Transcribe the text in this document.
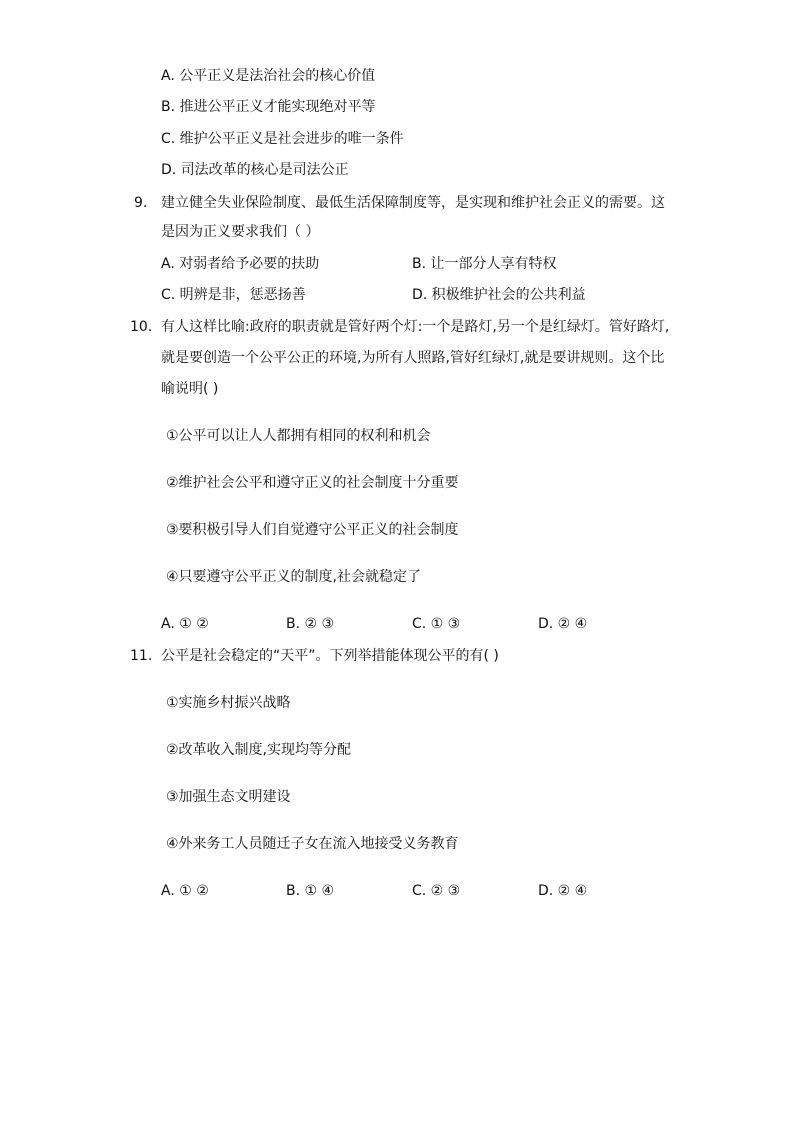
A. 公平正义是法治社会的核心价值
B. 推进公平正义才能实现绝对平等
C. 维护公平正义是社会进步的唯一条件
D. 司法改革的核心是司法公正
9. 建立健全失业保险制度、最低生活保障制度等，是实现和维护社会正义的需要。这
是因为正义要求我们（ ）
A. 对弱者给予必要的扶助	B. 让一部分人享有特权
C. 明辨是非，惩恶扬善	D. 积极维护社会的公共利益
10. 有人这样比喻:政府的职责就是管好两个灯:一个是路灯,另一个是红绿灯。管好路灯,
就是要创造一个公平公正的环境,为所有人照路,管好红绿灯,就是要讲规则。这个比
喻说明( )
①公平可以让人人都拥有相同的权利和机会
②维护社会公平和遵守正义的社会制度十分重要
③要积极引导人们自觉遵守公平正义的社会制度
④只要遵守公平正义的制度,社会就稳定了
A. ① ②	B. ② ③	C. ① ③	D. ② ④
11. 公平是社会稳定的“天平”。下列举措能体现公平的有( )
①实施乡村振兴战略
②改革收入制度,实现均等分配
③加强生态文明建设
④外来务工人员随迁子女在流入地接受义务教育
A. ① ②	B. ① ④	C. ② ③	D. ② ④
